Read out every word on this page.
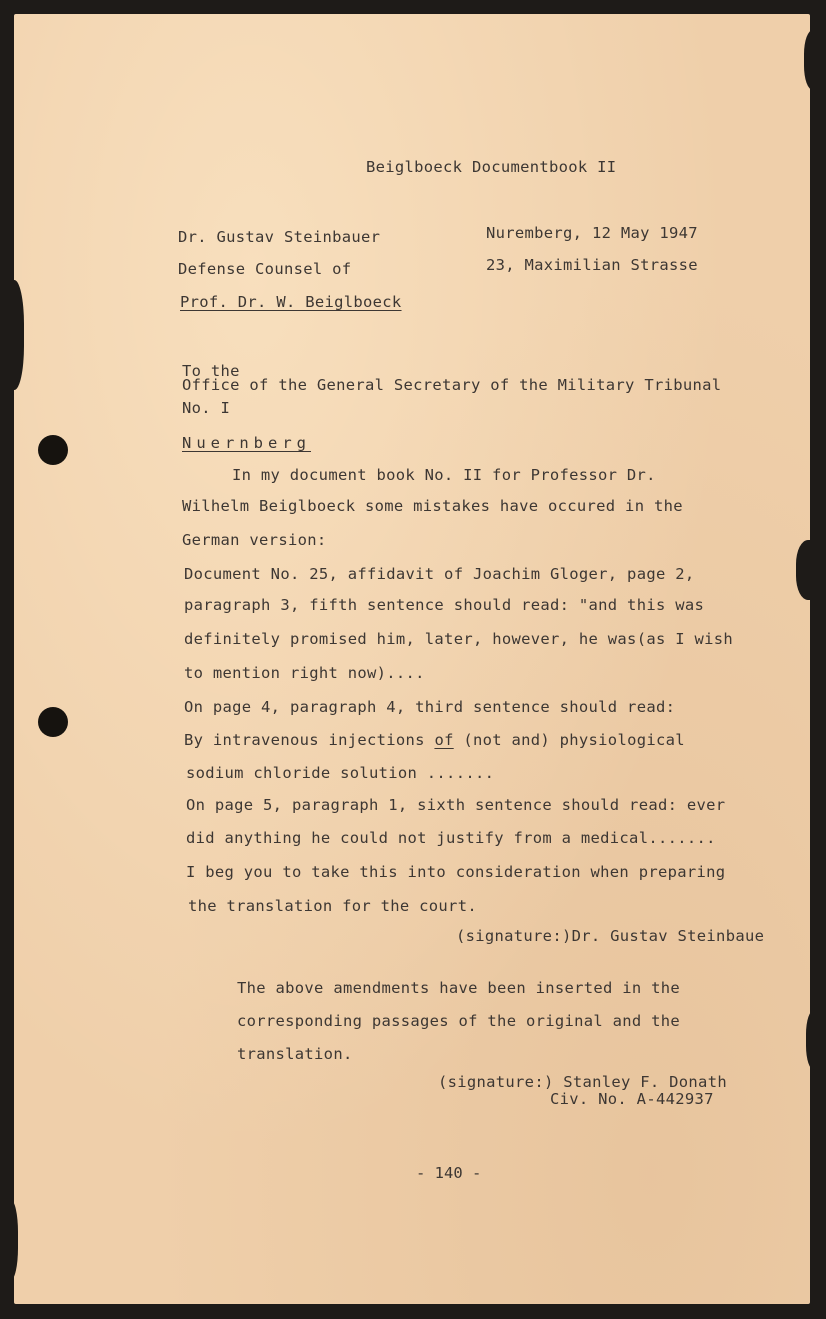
Beiglboeck Documentbook II
Dr. Gustav Steinbauer
Defense Counsel of
Prof. Dr. W. Beiglboeck
Nuremberg, 12 May 1947
23, Maximilian Strasse
To the
Office of the General Secretary of the Military Tribunal
No. I
Nuernberg
In my document book No. II for Professor Dr.
Wilhelm Beiglboeck some mistakes have occured in the
German version:
Document No. 25, affidavit of Joachim Gloger, page 2,
paragraph 3, fifth sentence should read: "and this was
definitely promised him, later, however, he was(as I wish
to mention right now)....
On page 4, paragraph 4, third sentence should read:
By intravenous injections of (not and) physiological
sodium chloride solution .......
On page 5, paragraph 1, sixth sentence should read: ever
did anything he could not justify from a medical.......
I beg you to take this into consideration when preparing
the translation for the court.
(signature:)Dr. Gustav Steinbaue
The above amendments have been inserted in the
corresponding passages of the original and the
translation.
(signature:) Stanley F. Donath
Civ. No. A-442937
- 140 -
